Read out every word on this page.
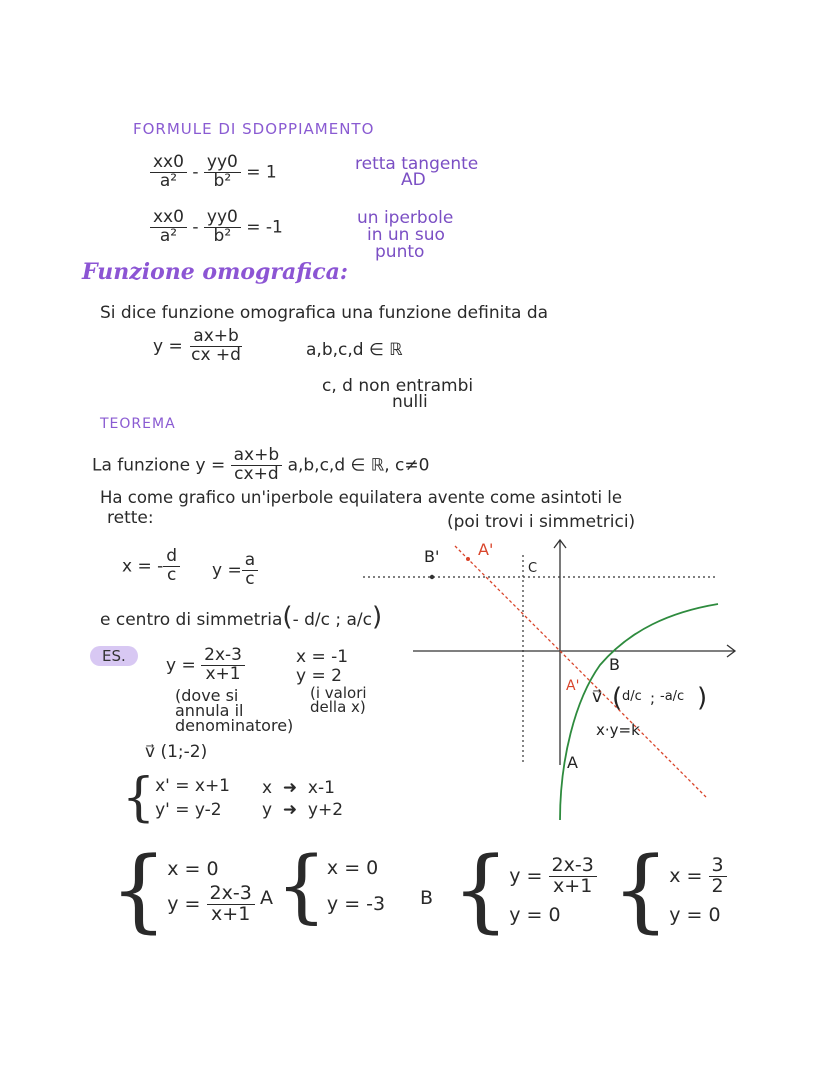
FORMULE DI SDOPPIAMENTO
$\frac{xx0}{\text{a²}} - \frac{yy0}{\text{b²}} = 1$	retta tangente
AD
$\frac{xx0}{\text{a²}} - \frac{yy0}{\text{b²}} = -1$	un iperbole
in un suo
punto
Funzione omografica:
Si dice funzione omografica una funzione definita da
$y = \frac{ax+b}{cx +d}$	a,b,c,d ∈ ℝ
c, d non entrambi
nulli
TEOREMA
La funzione $y = \frac{ax+b}{cx+d} a,b,c,d$ ∈ ℝ, c≠0
Ha come grafico un'iperbole equilatera avente come asintoti le
rette:	(poi trovi i simmetrici)
x = - $\frac{d}{c}$ $y = \frac{a}{c}$
e centro di simmetria(- d/c ; a/c)
ES.	$y = \frac{2x-3}{x+1}$	x = -1
y = 2
(dove si
annula il
denominatore)
(i valori
della x)
v⃗ (1;-2)
{ x' = x+1
y' = y-2
x  ➜  x-1
y  ➜  y+2
{ x = 0
$y = \frac{2x-3}{x+1}$ A { x = 0
y = -3 B { $y = \frac{2x-3}{x+1}$
y = 0 { $x = \frac{3}{2}$
y = 0
B' A'
C
A'
B
A
v⃗ ( d/c ; -a/c )
x·y=k
